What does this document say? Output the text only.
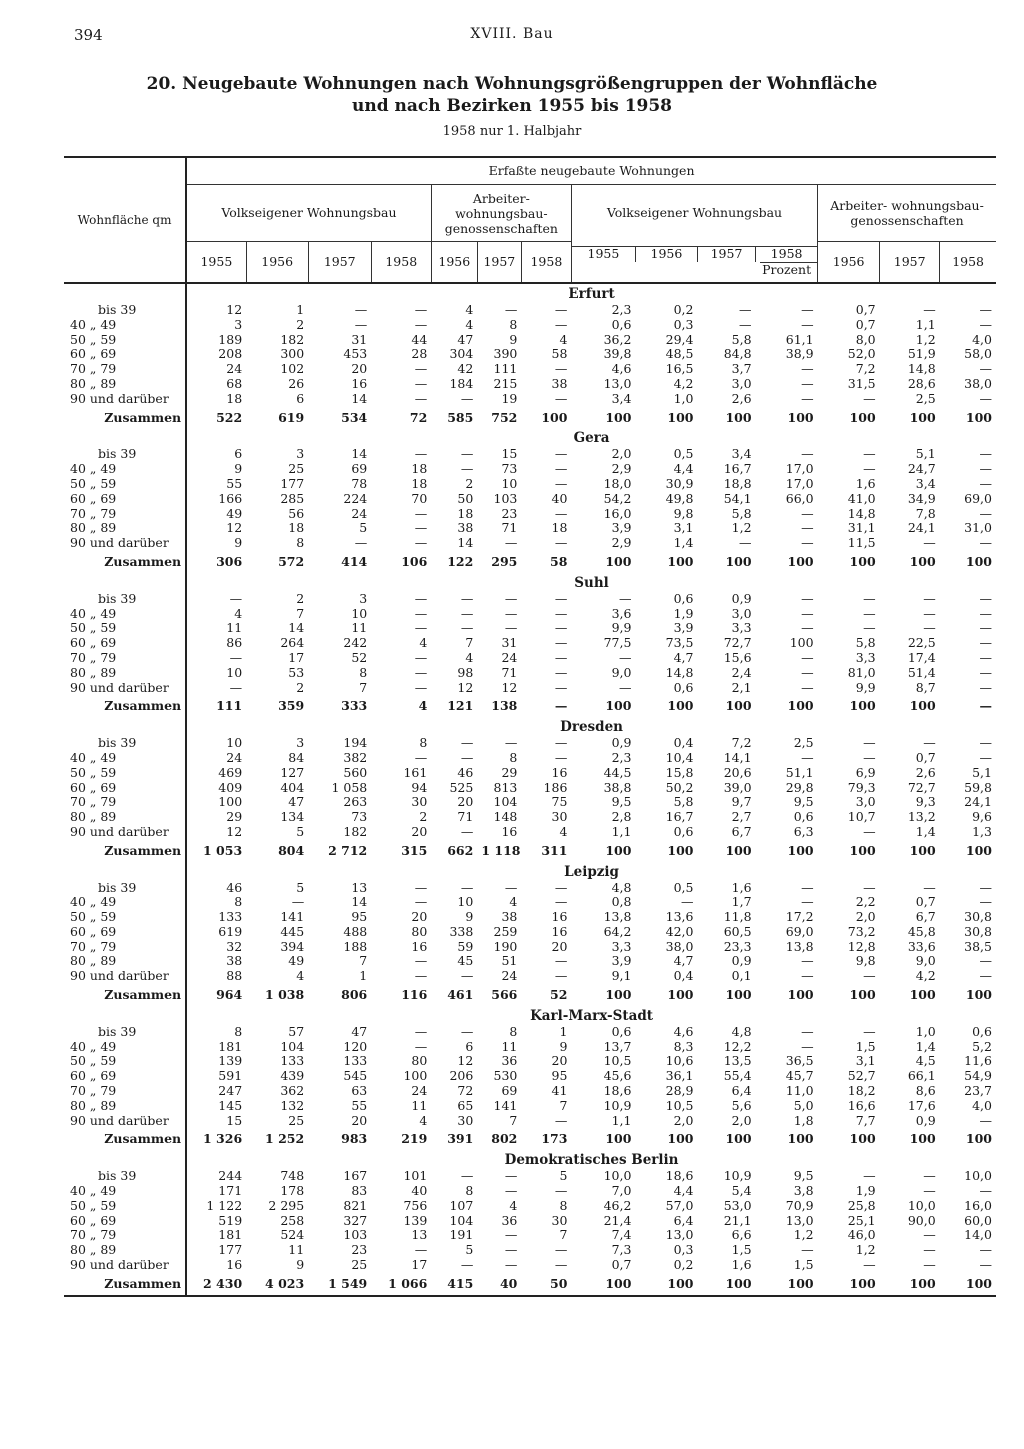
394	XVIII. Bau
20. Neugebaute Wohnungen nach Wohnungsgrößengruppen der Wohnfläche
und nach Bezirken 1955 bis 1958
1958 nur 1. Halbjahr
Wohnfläche qm	Erfaßte neugebaute Wohnungen													
	Volkseigener Wohnungsbau				Arbeiter- wohnungsbau- genossenschaften			Volkseigener Wohnungsbau				Arbeiter- wohnungsbau- genossenschaften		
	1955	1956	1957	1958	1956	1957	1958	1955 1956 1957 1958
Prozent				1956	1957	1958

	Erfurt													
bis 39	12	1	—	—	4	—	—	2,3	0,2	—	—	0,7	—	—
40 „ 49	3	2	—	—	4	8	—	0,6	0,3	—	—	0,7	1,1	—
50 „ 59	189	182	31	44	47	9	4	36,2	29,4	5,8	61,1	8,0	1,2	4,0
60 „ 69	208	300	453	28	304	390	58	39,8	48,5	84,8	38,9	52,0	51,9	58,0
70 „ 79	24	102	20	—	42	111	—	4,6	16,5	3,7	—	7,2	14,8	—
80 „ 89	68	26	16	—	184	215	38	13,0	4,2	3,0	—	31,5	28,6	38,0
90 und darüber	18	6	14	—	—	19	—	3,4	1,0	2,6	—	—	2,5	—
Zusammen	522	619	534	72	585	752	100	100	100	100	100	100	100	100
	Gera													
bis 39	6	3	14	—	—	15	—	2,0	0,5	3,4	—	—	5,1	—
40 „ 49	9	25	69	18	—	73	—	2,9	4,4	16,7	17,0	—	24,7	—
50 „ 59	55	177	78	18	2	10	—	18,0	30,9	18,8	17,0	1,6	3,4	—
60 „ 69	166	285	224	70	50	103	40	54,2	49,8	54,1	66,0	41,0	34,9	69,0
70 „ 79	49	56	24	—	18	23	—	16,0	9,8	5,8	—	14,8	7,8	—
80 „ 89	12	18	5	—	38	71	18	3,9	3,1	1,2	—	31,1	24,1	31,0
90 und darüber	9	8	—	—	14	—	—	2,9	1,4	—	—	11,5	—	—
Zusammen	306	572	414	106	122	295	58	100	100	100	100	100	100	100
	Suhl													
bis 39	—	2	3	—	—	—	—	—	0,6	0,9	—	—	—	—
40 „ 49	4	7	10	—	—	—	—	3,6	1,9	3,0	—	—	—	—
50 „ 59	11	14	11	—	—	—	—	9,9	3,9	3,3	—	—	—	—
60 „ 69	86	264	242	4	7	31	—	77,5	73,5	72,7	100	5,8	22,5	—
70 „ 79	—	17	52	—	4	24	—	—	4,7	15,6	—	3,3	17,4	—
80 „ 89	10	53	8	—	98	71	—	9,0	14,8	2,4	—	81,0	51,4	—
90 und darüber	—	2	7	—	12	12	—	—	0,6	2,1	—	9,9	8,7	—
Zusammen	111	359	333	4	121	138	—	100	100	100	100	100	100	—
	Dresden													
bis 39	10	3	194	8	—	—	—	0,9	0,4	7,2	2,5	—	—	—
40 „ 49	24	84	382	—	—	8	—	2,3	10,4	14,1	—	—	0,7	—
50 „ 59	469	127	560	161	46	29	16	44,5	15,8	20,6	51,1	6,9	2,6	5,1
60 „ 69	409	404	1 058	94	525	813	186	38,8	50,2	39,0	29,8	79,3	72,7	59,8
70 „ 79	100	47	263	30	20	104	75	9,5	5,8	9,7	9,5	3,0	9,3	24,1
80 „ 89	29	134	73	2	71	148	30	2,8	16,7	2,7	0,6	10,7	13,2	9,6
90 und darüber	12	5	182	20	—	16	4	1,1	0,6	6,7	6,3	—	1,4	1,3
Zusammen	1 053	804	2 712	315	662	1 118	311	100	100	100	100	100	100	100
	Leipzig													
bis 39	46	5	13	—	—	—	—	4,8	0,5	1,6	—	—	—	—
40 „ 49	8	—	14	—	10	4	—	0,8	—	1,7	—	2,2	0,7	—
50 „ 59	133	141	95	20	9	38	16	13,8	13,6	11,8	17,2	2,0	6,7	30,8
60 „ 69	619	445	488	80	338	259	16	64,2	42,0	60,5	69,0	73,2	45,8	30,8
70 „ 79	32	394	188	16	59	190	20	3,3	38,0	23,3	13,8	12,8	33,6	38,5
80 „ 89	38	49	7	—	45	51	—	3,9	4,7	0,9	—	9,8	9,0	—
90 und darüber	88	4	1	—	—	24	—	9,1	0,4	0,1	—	—	4,2	—
Zusammen	964	1 038	806	116	461	566	52	100	100	100	100	100	100	100
	Karl-Marx-Stadt													
bis 39	8	57	47	—	—	8	1	0,6	4,6	4,8	—	—	1,0	0,6
40 „ 49	181	104	120	—	6	11	9	13,7	8,3	12,2	—	1,5	1,4	5,2
50 „ 59	139	133	133	80	12	36	20	10,5	10,6	13,5	36,5	3,1	4,5	11,6
60 „ 69	591	439	545	100	206	530	95	45,6	36,1	55,4	45,7	52,7	66,1	54,9
70 „ 79	247	362	63	24	72	69	41	18,6	28,9	6,4	11,0	18,2	8,6	23,7
80 „ 89	145	132	55	11	65	141	7	10,9	10,5	5,6	5,0	16,6	17,6	4,0
90 und darüber	15	25	20	4	30	7	—	1,1	2,0	2,0	1,8	7,7	0,9	—
Zusammen	1 326	1 252	983	219	391	802	173	100	100	100	100	100	100	100
	Demokratisches Berlin													
bis 39	244	748	167	101	—	—	5	10,0	18,6	10,9	9,5	—	—	10,0
40 „ 49	171	178	83	40	8	—	—	7,0	4,4	5,4	3,8	1,9	—	—
50 „ 59	1 122	2 295	821	756	107	4	8	46,2	57,0	53,0	70,9	25,8	10,0	16,0
60 „ 69	519	258	327	139	104	36	30	21,4	6,4	21,1	13,0	25,1	90,0	60,0
70 „ 79	181	524	103	13	191	—	7	7,4	13,0	6,6	1,2	46,0	—	14,0
80 „ 89	177	11	23	—	5	—	—	7,3	0,3	1,5	—	1,2	—	—
90 und darüber	16	9	25	17	—	—	—	0,7	0,2	1,6	1,5	—	—	—
Zusammen	2 430	4 023	1 549	1 066	415	40	50	100	100	100	100	100	100	100
